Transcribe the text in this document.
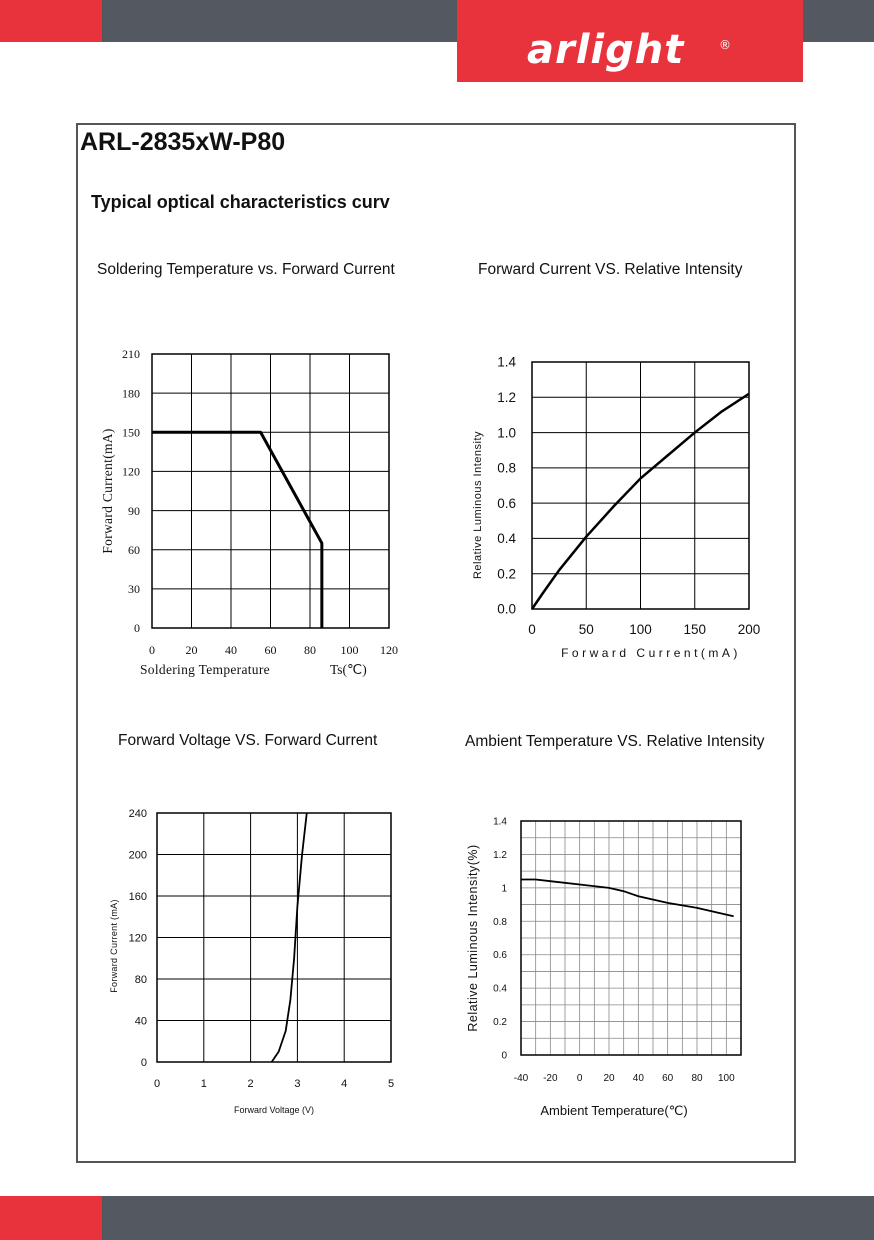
arlight	®
ARL-2835xW-P80
Typical optical characteristics curv
Soldering Temperature vs. Forward Current	Forward Current VS. Relative Intensity
Forward Voltage VS. Forward Current	Ambient Temperature VS. Relative Intensity
0	20 40 60 80 100 120
0
30
60
90
120
150
180
210
Soldering Temperature	Ts(℃)
Forward Current(mA)
0	50	100 150 200
0.0
0.2
0.4
0.6
0.8
1.0
1.2
1.4
Forward Current(mA)
Relative Luminous Intensity
0	1	2	3	4	5
0
40
80
120
160
200
240
Forward Voltage (V)
Forward Current (mA)
-40 -20 0 20 40 60 80 100
0
0.2
0.4
0.6
0.8
1
1.2
1.4
Ambient Temperature(℃)
Relative Luminous Intensity(%)
